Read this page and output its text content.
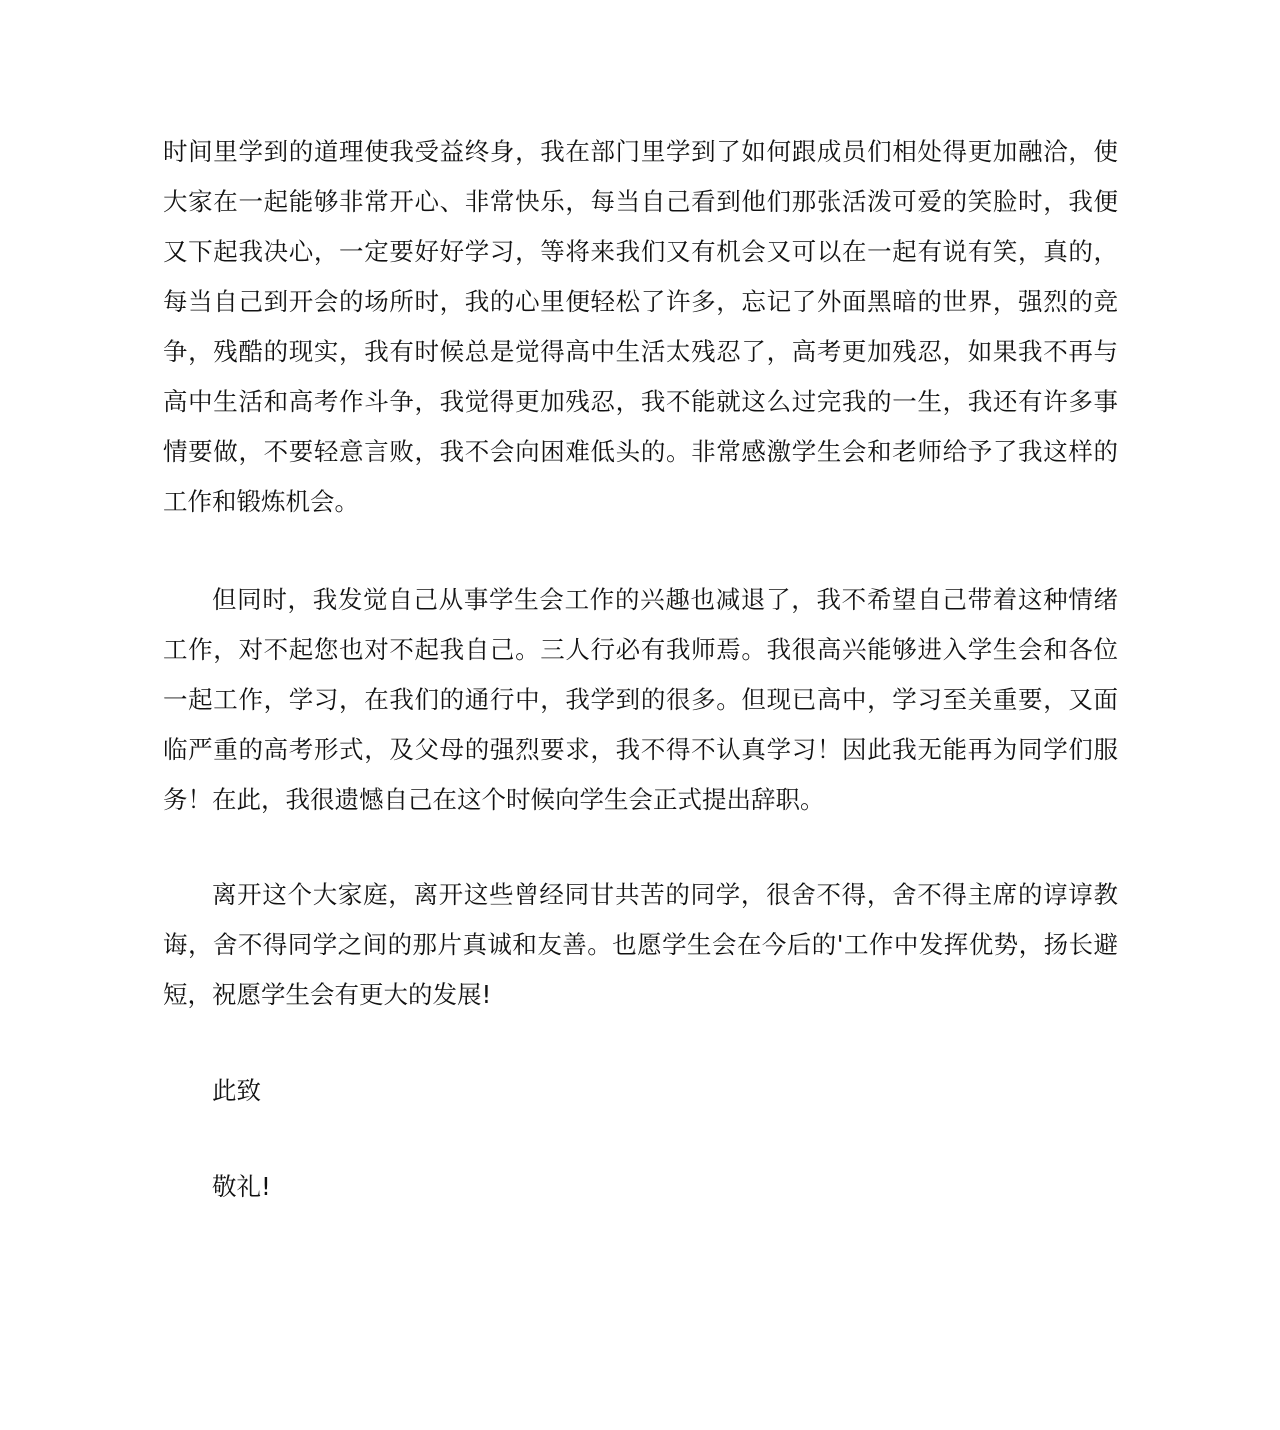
时间里学到的道理使我受益终身，我在部门里学到了如何跟成员们相处得更加融洽，使大家在一起能够非常开心、非常快乐，每当自己看到他们那张活泼可爱的笑脸时，我便又下起我决心，一定要好好学习，等将来我们又有机会又可以在一起有说有笑，真的，每当自己到开会的场所时，我的心里便轻松了许多，忘记了外面黑暗的世界，强烈的竞争，残酷的现实，我有时候总是觉得高中生活太残忍了，高考更加残忍，如果我不再与高中生活和高考作斗争，我觉得更加残忍，我不能就这么过完我的一生，我还有许多事情要做，不要轻意言败，我不会向困难低头的。非常感激学生会和老师给予了我这样的工作和锻炼机会。

但同时，我发觉自己从事学生会工作的兴趣也减退了，我不希望自己带着这种情绪工作，对不起您也对不起我自己。三人行必有我师焉。我很高兴能够进入学生会和各位一起工作，学习，在我们的通行中，我学到的很多。但现已高中，学习至关重要，又面临严重的高考形式，及父母的强烈要求，我不得不认真学习！因此我无能再为同学们服务！在此，我很遗憾自己在这个时候向学生会正式提出辞职。

离开这个大家庭，离开这些曾经同甘共苦的同学，很舍不得，舍不得主席的谆谆教诲，舍不得同学之间的那片真诚和友善。也愿学生会在今后的'工作中发挥优势，扬长避短，祝愿学生会有更大的发展!

此致

敬礼!
